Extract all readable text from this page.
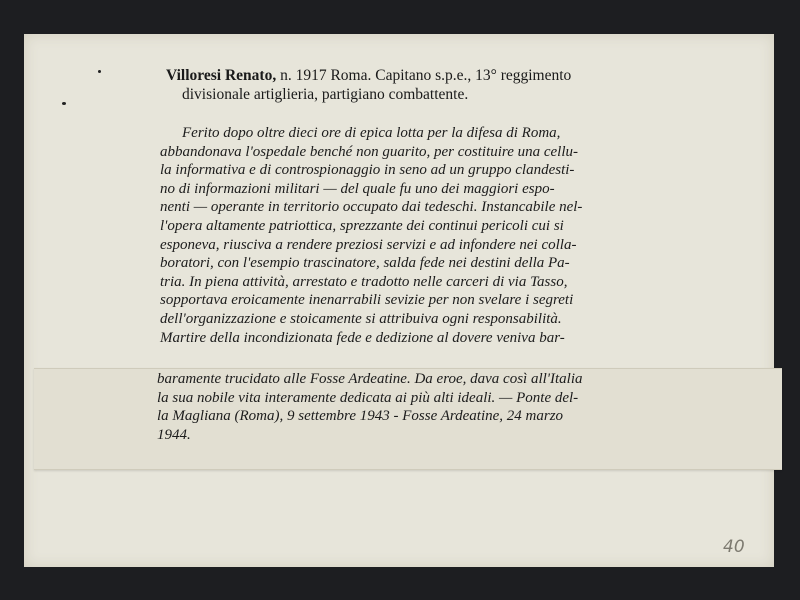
Villoresi Renato, n. 1917 Roma. Capitano s.p.e., 13° reggimento
divisionale artiglieria, partigiano combattente.
Ferito dopo oltre dieci ore di epica lotta per la difesa di Roma,
abbandonava l'ospedale benché non guarito, per costituire una cellu-
la informativa e di controspionaggio in seno ad un gruppo clandesti-
no di informazioni militari — del quale fu uno dei maggiori espo-
nenti — operante in territorio occupato dai tedeschi. Instancabile nel-
l'opera altamente patriottica, sprezzante dei continui pericoli cui si
esponeva, riusciva a rendere preziosi servizi e ad infondere nei colla-
boratori, con l'esempio trascinatore, salda fede nei destini della Pa-
tria. In piena attività, arrestato e tradotto nelle carceri di via Tasso,
sopportava eroicamente inenarrabili sevizie per non svelare i segreti
dell'organizzazione e stoicamente si attribuiva ogni responsabilità.
Martire della incondizionata fede e dedizione al dovere veniva bar-
baramente trucidato alle Fosse Ardeatine. Da eroe, dava così all'Italia
la sua nobile vita interamente dedicata ai più alti ideali. — Ponte del-
la Magliana (Roma), 9 settembre 1943 - Fosse Ardeatine, 24 marzo
1944.
40
